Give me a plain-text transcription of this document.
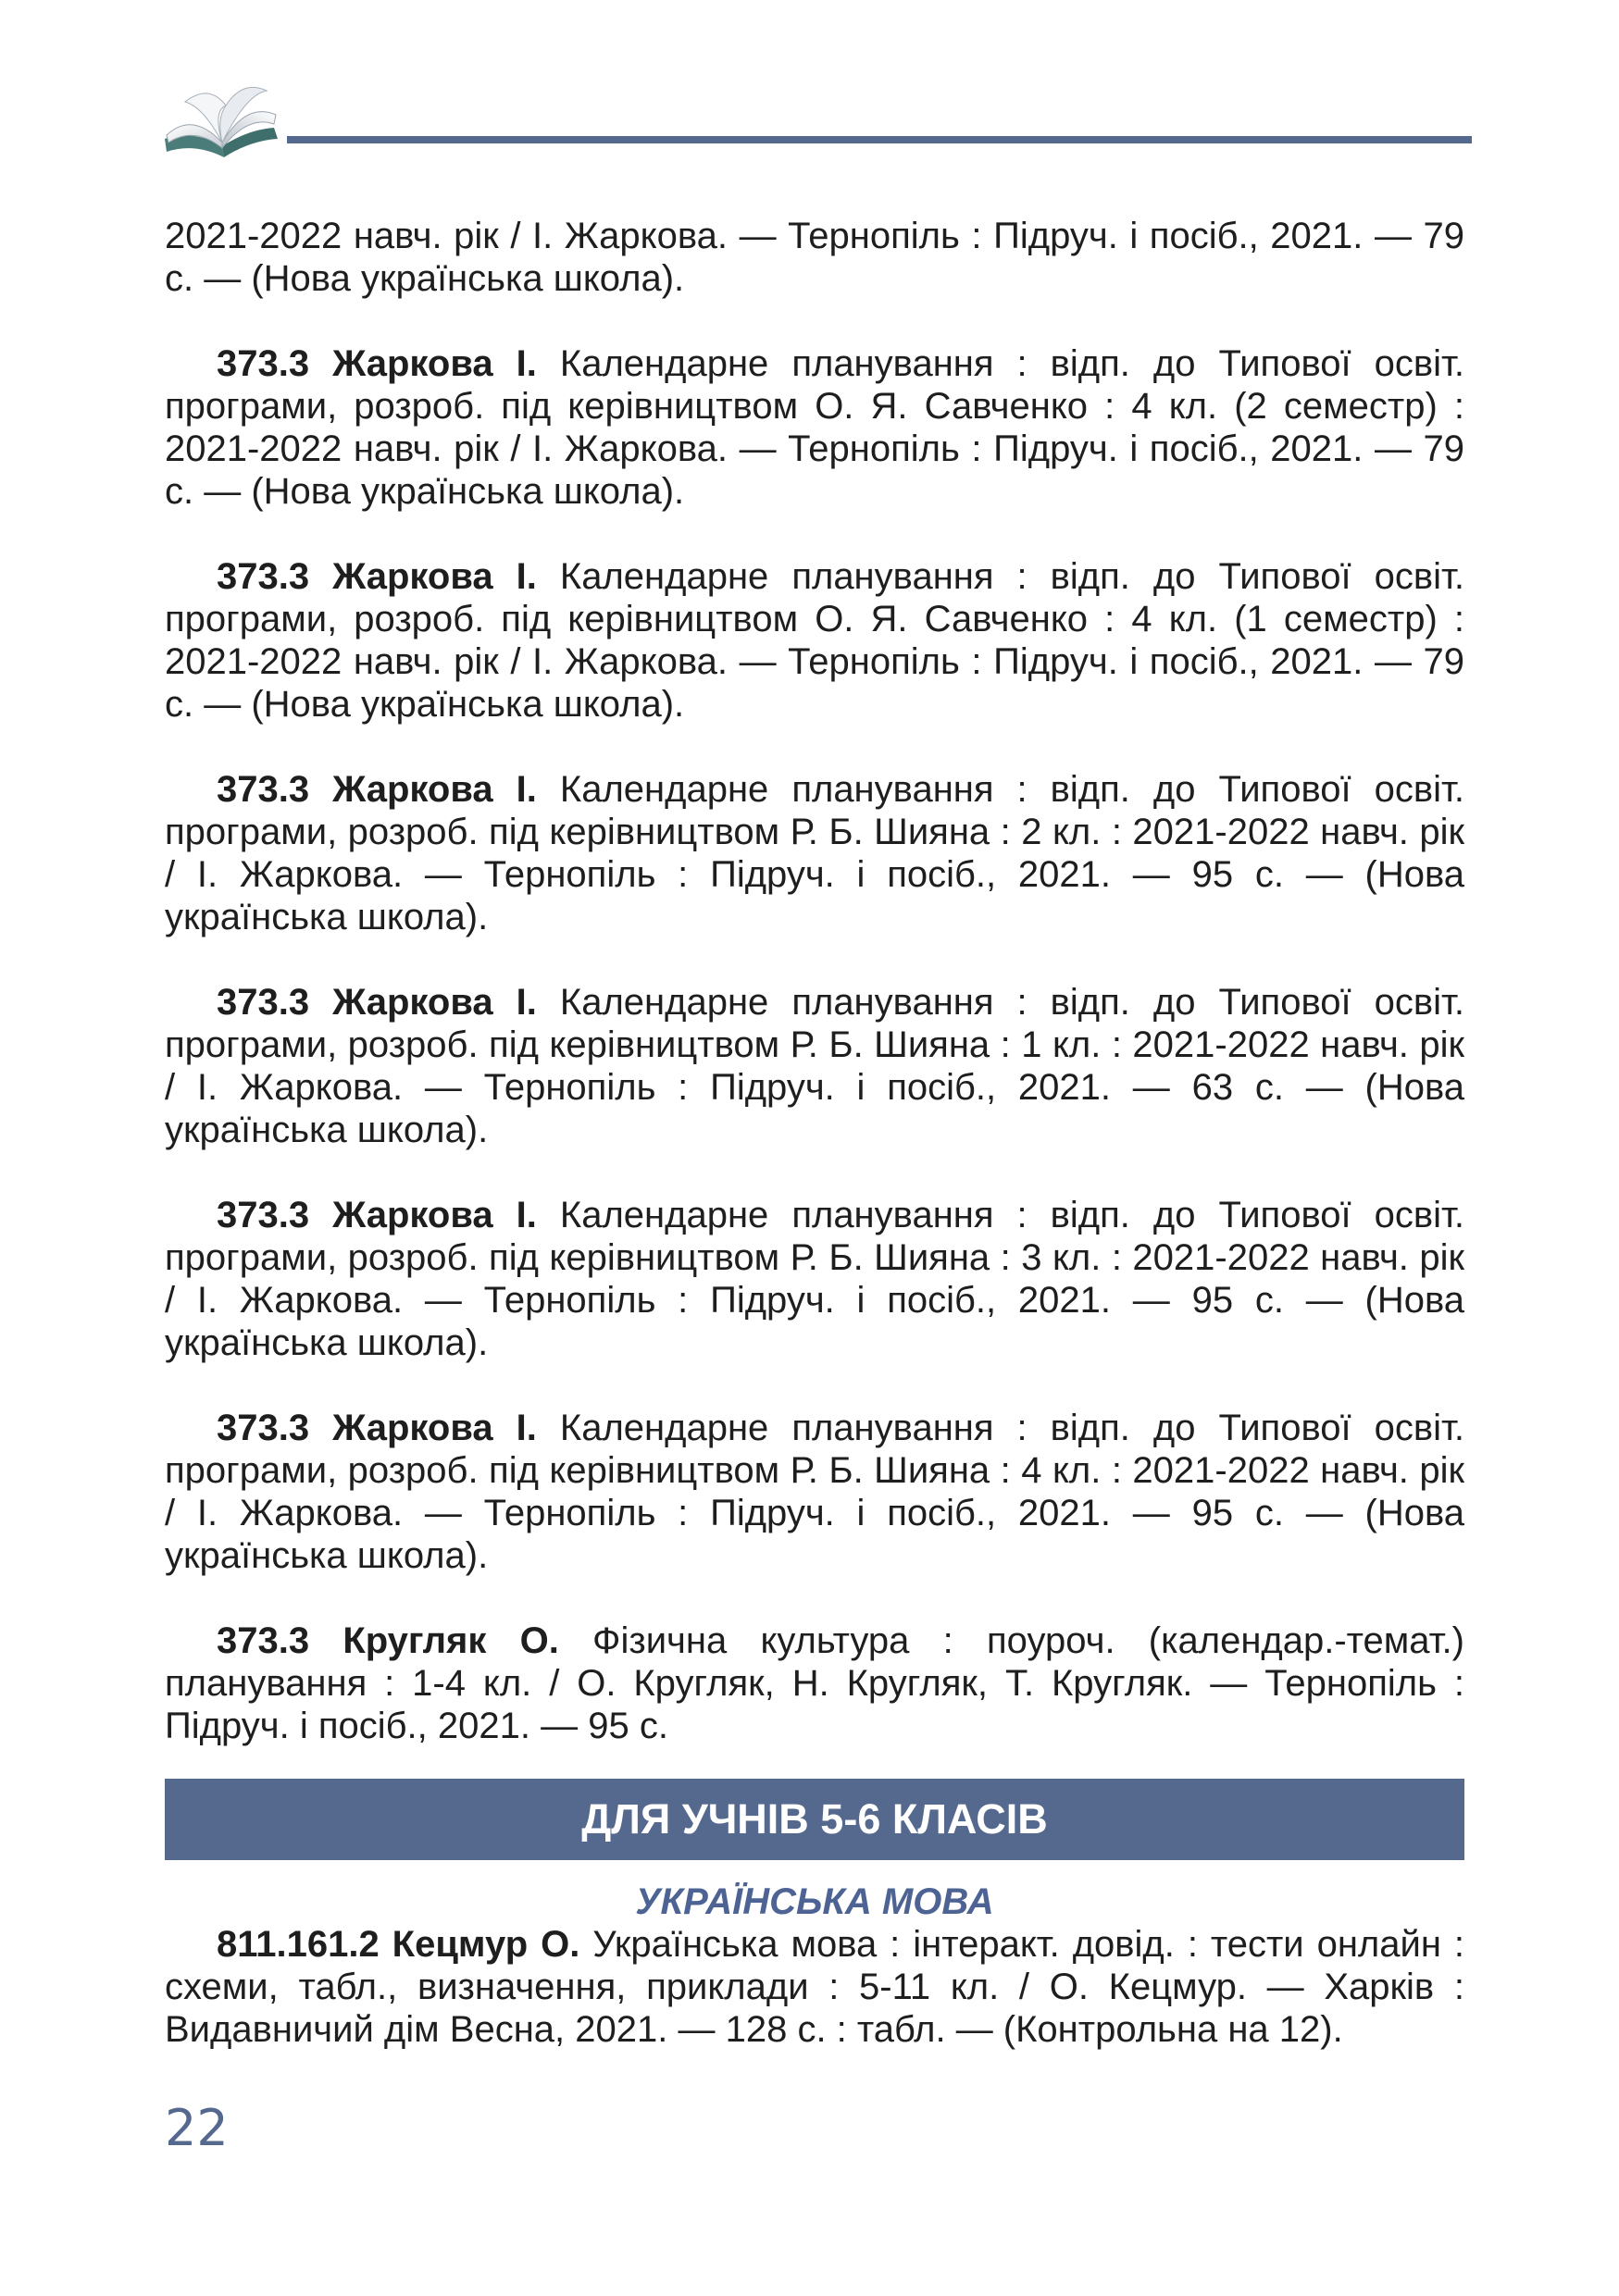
2021-2022 навч. рік / І. Жаркова. — Тернопіль : Підруч. і посіб., 2021. — 79 с. — (Нова українська школа).

373.3 Жаркова І. Календарне планування : відп. до Типової освіт. програми, розроб. під керівництвом О. Я. Савченко : 4 кл. (2 семестр) : 2021-2022 навч. рік / І. Жаркова. — Тернопіль : Підруч. і посіб., 2021. — 79 с. — (Нова українська школа).

373.3 Жаркова І. Календарне планування : відп. до Типової освіт. програми, розроб. під керівництвом О. Я. Савченко : 4 кл. (1 семестр) : 2021-2022 навч. рік / І. Жаркова. — Тернопіль : Підруч. і посіб., 2021. — 79 с. — (Нова українська школа).

373.3 Жаркова І. Календарне планування : відп. до Типової освіт. програми, розроб. під керівництвом Р. Б. Шияна : 2 кл. : 2021-2022 навч. рік / І. Жаркова. — Тернопіль : Підруч. і посіб., 2021. — 95 с. — (Нова українська школа).

373.3 Жаркова І. Календарне планування : відп. до Типової освіт. програми, розроб. під керівництвом Р. Б. Шияна : 1 кл. : 2021-2022 навч. рік / І. Жаркова. — Тернопіль : Підруч. і посіб., 2021. — 63 с. — (Нова українська школа).

373.3 Жаркова І. Календарне планування : відп. до Типової освіт. програми, розроб. під керівництвом Р. Б. Шияна : 3 кл. : 2021-2022 навч. рік / І. Жаркова. — Тернопіль : Підруч. і посіб., 2021. — 95 с. — (Нова українська школа).

373.3 Жаркова І. Календарне планування : відп. до Типової освіт. програми, розроб. під керівництвом Р. Б. Шияна : 4 кл. : 2021-2022 навч. рік / І. Жаркова. — Тернопіль : Підруч. і посіб., 2021. — 95 с. — (Нова українська школа).

373.3 Кругляк О. Фізична культура : поуроч. (календар.-темат.) планування : 1-4 кл. / О. Кругляк, Н. Кругляк, Т. Кругляк. — Тернопіль : Підруч. і посіб., 2021. — 95 с.

ДЛЯ УЧНІВ 5-6 КЛАСІВ

УКРАЇНСЬКА МОВА

811.161.2 Кецмур О. Українська мова : інтеракт. довід. : тести онлайн : схеми, табл., визначення, приклади : 5-11 кл. / О. Кецмур. — Харків : Видавничий дім Весна, 2021. — 128 с. : табл. — (Контрольна на 12).

22
